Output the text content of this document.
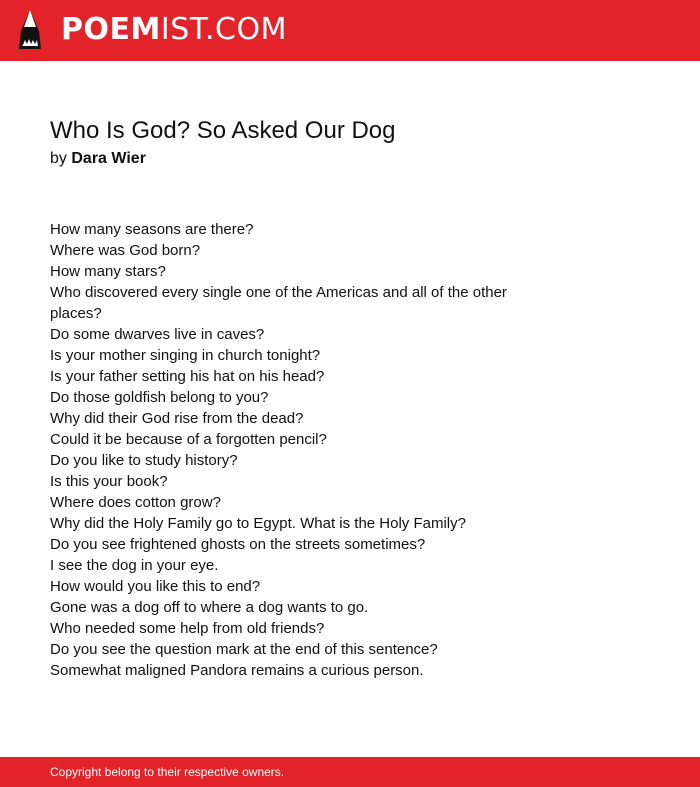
POEMIST.COM
Who Is God? So Asked Our Dog
by Dara Wier
How many seasons are there?
Where was God born?
How many stars?
Who discovered every single one of the Americas and all of the other
places?
Do some dwarves live in caves?
Is your mother singing in church tonight?
Is your father setting his hat on his head?
Do those goldfish belong to you?
Why did their God rise from the dead?
Could it be because of a forgotten pencil?
Do you like to study history?
Is this your book?
Where does cotton grow?
Why did the Holy Family go to Egypt. What is the Holy Family?
Do you see frightened ghosts on the streets sometimes?
I see the dog in your eye.
How would you like this to end?
Gone was a dog off to where a dog wants to go.
Who needed some help from old friends?
Do you see the question mark at the end of this sentence?
Somewhat maligned Pandora remains a curious person.
Copyright belong to their respective owners.
